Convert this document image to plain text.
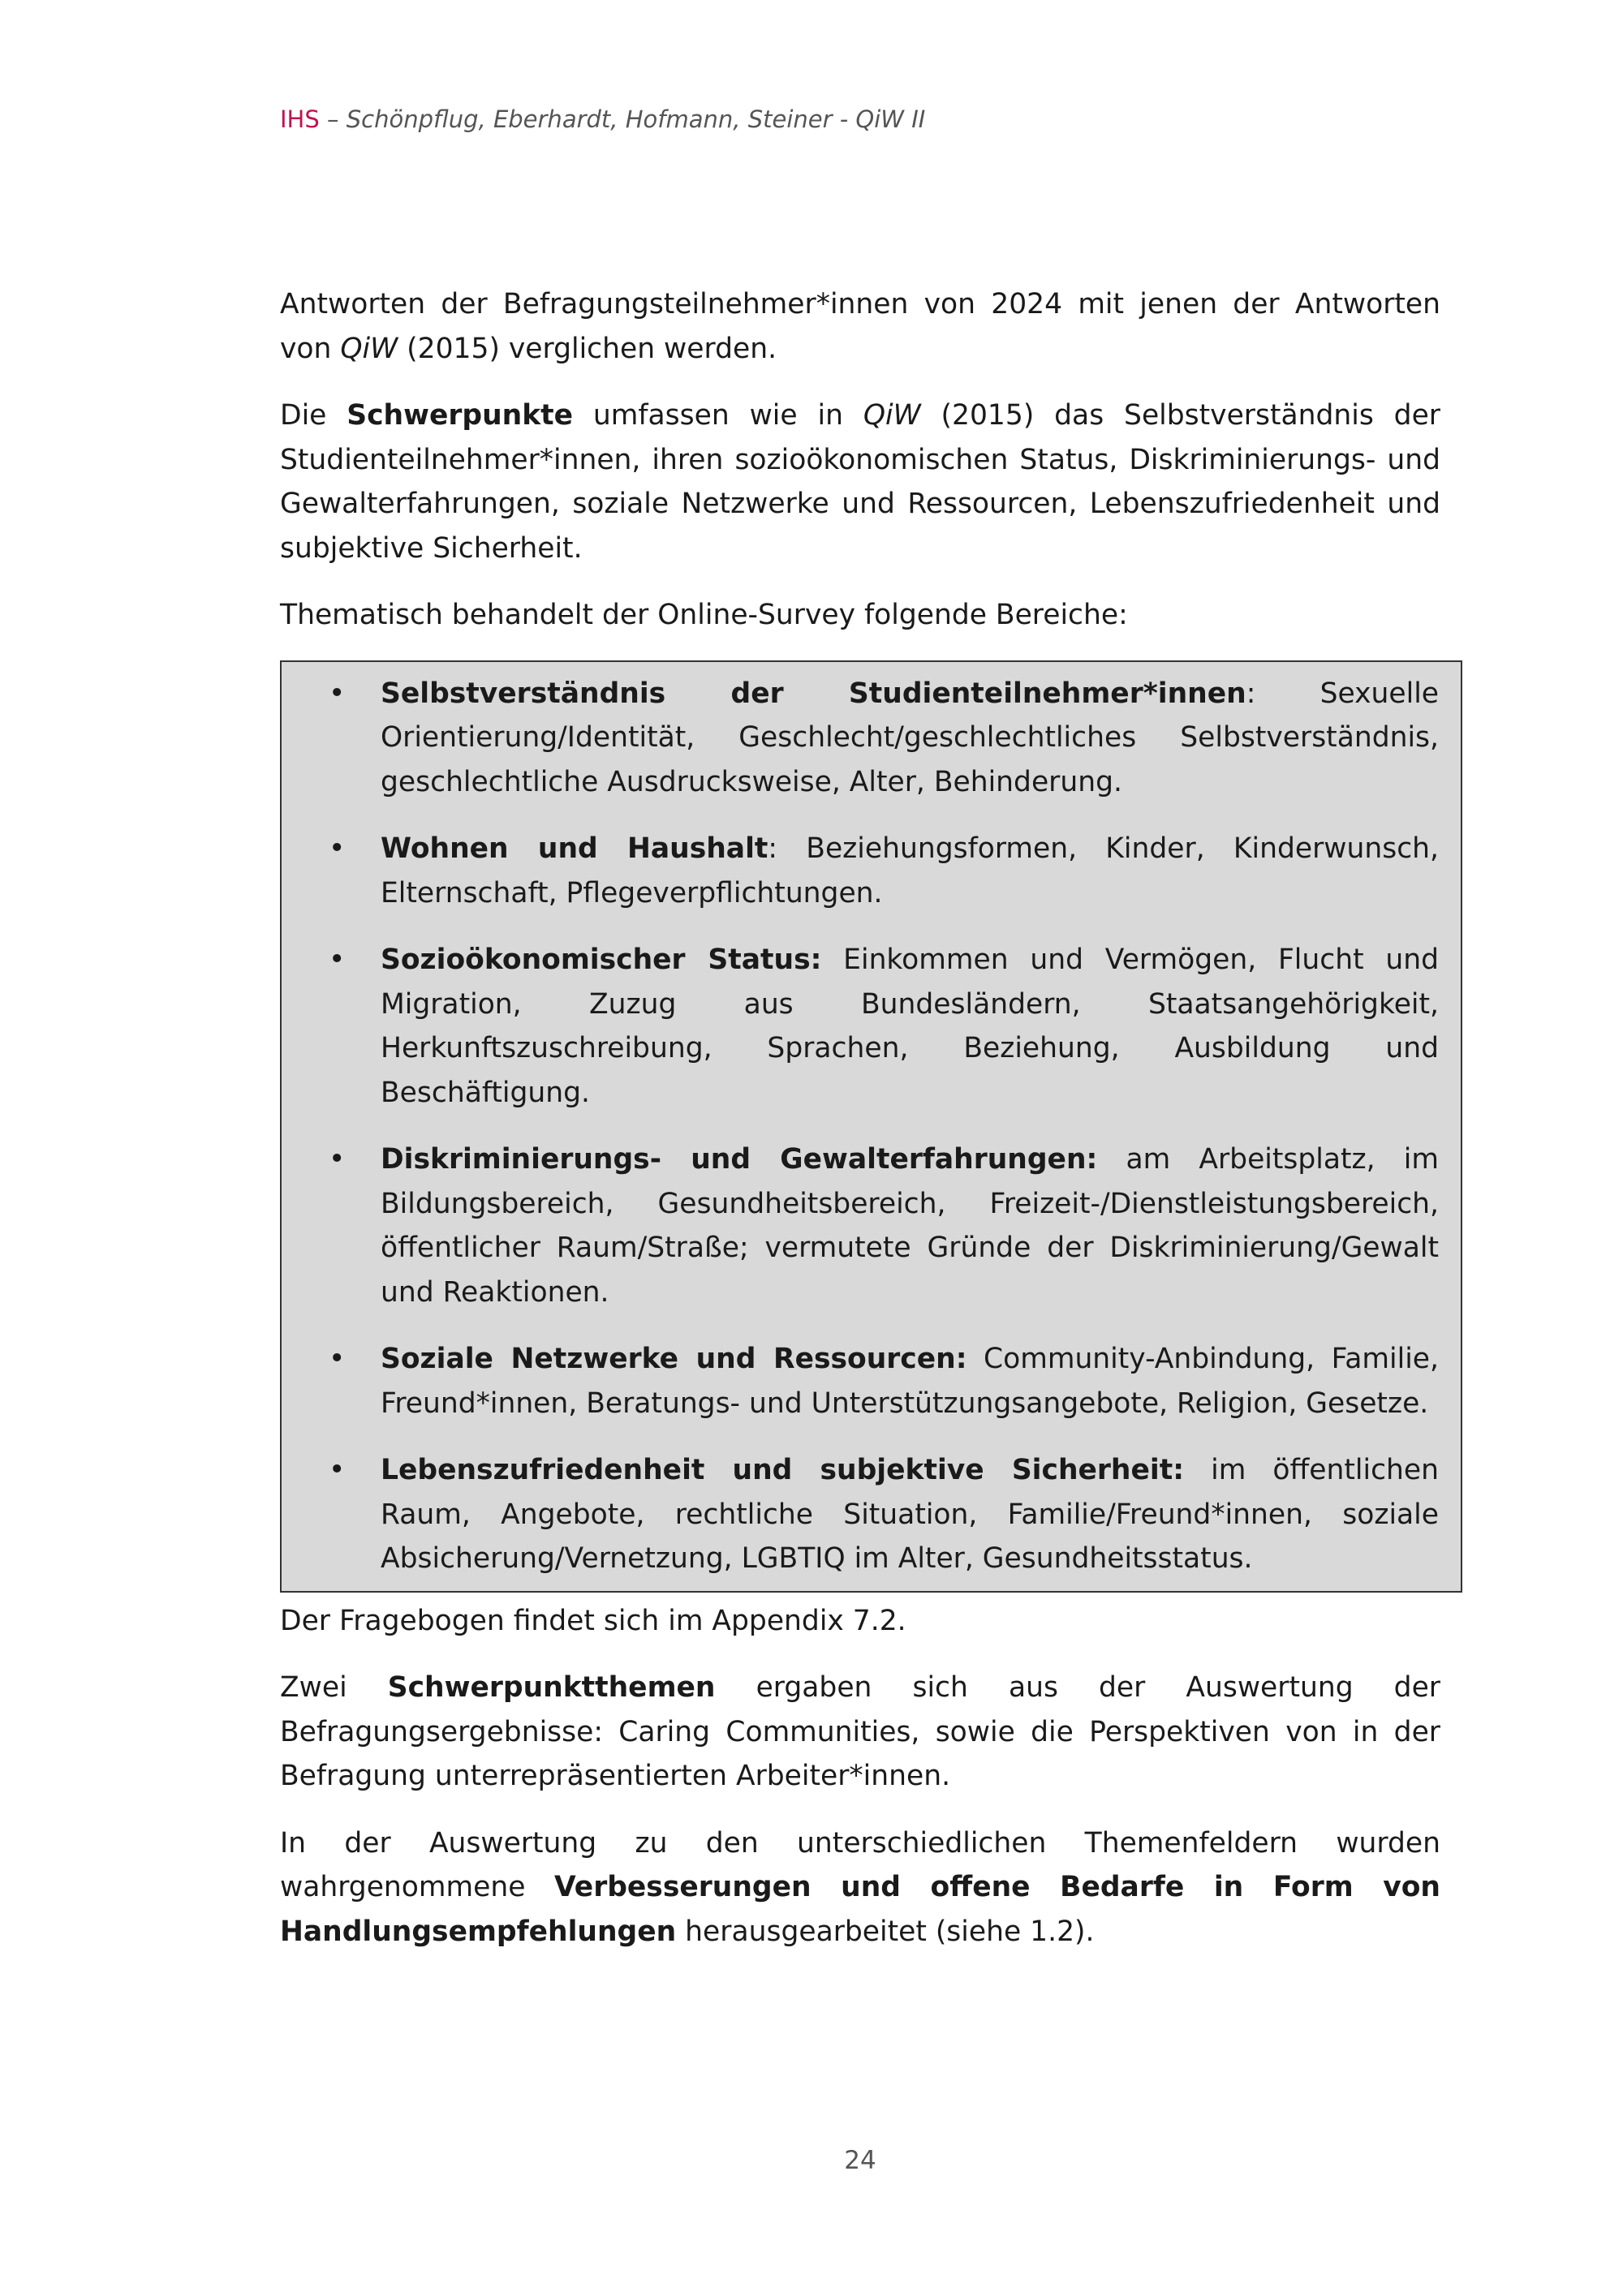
IHS – Schönpflug, Eberhardt, Hofmann, Steiner - QiW II

Antworten der Befragungsteilnehmer*innen von 2024 mit jenen der Antworten von QiW (2015) verglichen werden.

Die Schwerpunkte umfassen wie in QiW (2015) das Selbstverständnis der Studienteilnehmer*innen, ihren sozioökonomischen Status, Diskriminierungs- und Gewalterfahrungen, soziale Netzwerke und Ressourcen, Lebenszufriedenheit und subjektive Sicherheit.

Thematisch behandelt der Online-Survey folgende Bereiche:

• Selbstverständnis der Studienteilnehmer*innen: Sexuelle Orientierung/Identität, Geschlecht/geschlechtliches Selbstverständnis, geschlechtliche Ausdrucksweise, Alter, Behinderung.
• Wohnen und Haushalt: Beziehungsformen, Kinder, Kinderwunsch, Elternschaft, Pflegeverpflichtungen.
• Sozioökonomischer Status: Einkommen und Vermögen, Flucht und Migration, Zuzug aus Bundesländern, Staatsangehörigkeit, Herkunftszuschreibung, Sprachen, Beziehung, Ausbildung und Beschäftigung.
• Diskriminierungs- und Gewalterfahrungen: am Arbeitsplatz, im Bildungsbereich, Gesundheitsbereich, Freizeit-/Dienstleistungsbereich, öffentlicher Raum/Straße; vermutete Gründe der Diskriminierung/Gewalt und Reaktionen.
• Soziale Netzwerke und Ressourcen: Community-Anbindung, Familie, Freund*innen, Beratungs- und Unterstützungsangebote, Religion, Gesetze.
• Lebenszufriedenheit und subjektive Sicherheit: im öffentlichen Raum, Angebote, rechtliche Situation, Familie/Freund*innen, soziale Absicherung/Vernetzung, LGBTIQ im Alter, Gesundheitsstatus.

Der Fragebogen findet sich im Appendix 7.2.

Zwei Schwerpunktthemen ergaben sich aus der Auswertung der Befragungsergebnisse: Caring Communities, sowie die Perspektiven von in der Befragung unterrepräsentierten Arbeiter*innen.

In der Auswertung zu den unterschiedlichen Themenfeldern wurden wahrgenommene Verbesserungen und offene Bedarfe in Form von Handlungsempfehlungen herausgearbeitet (siehe 1.2).

24
